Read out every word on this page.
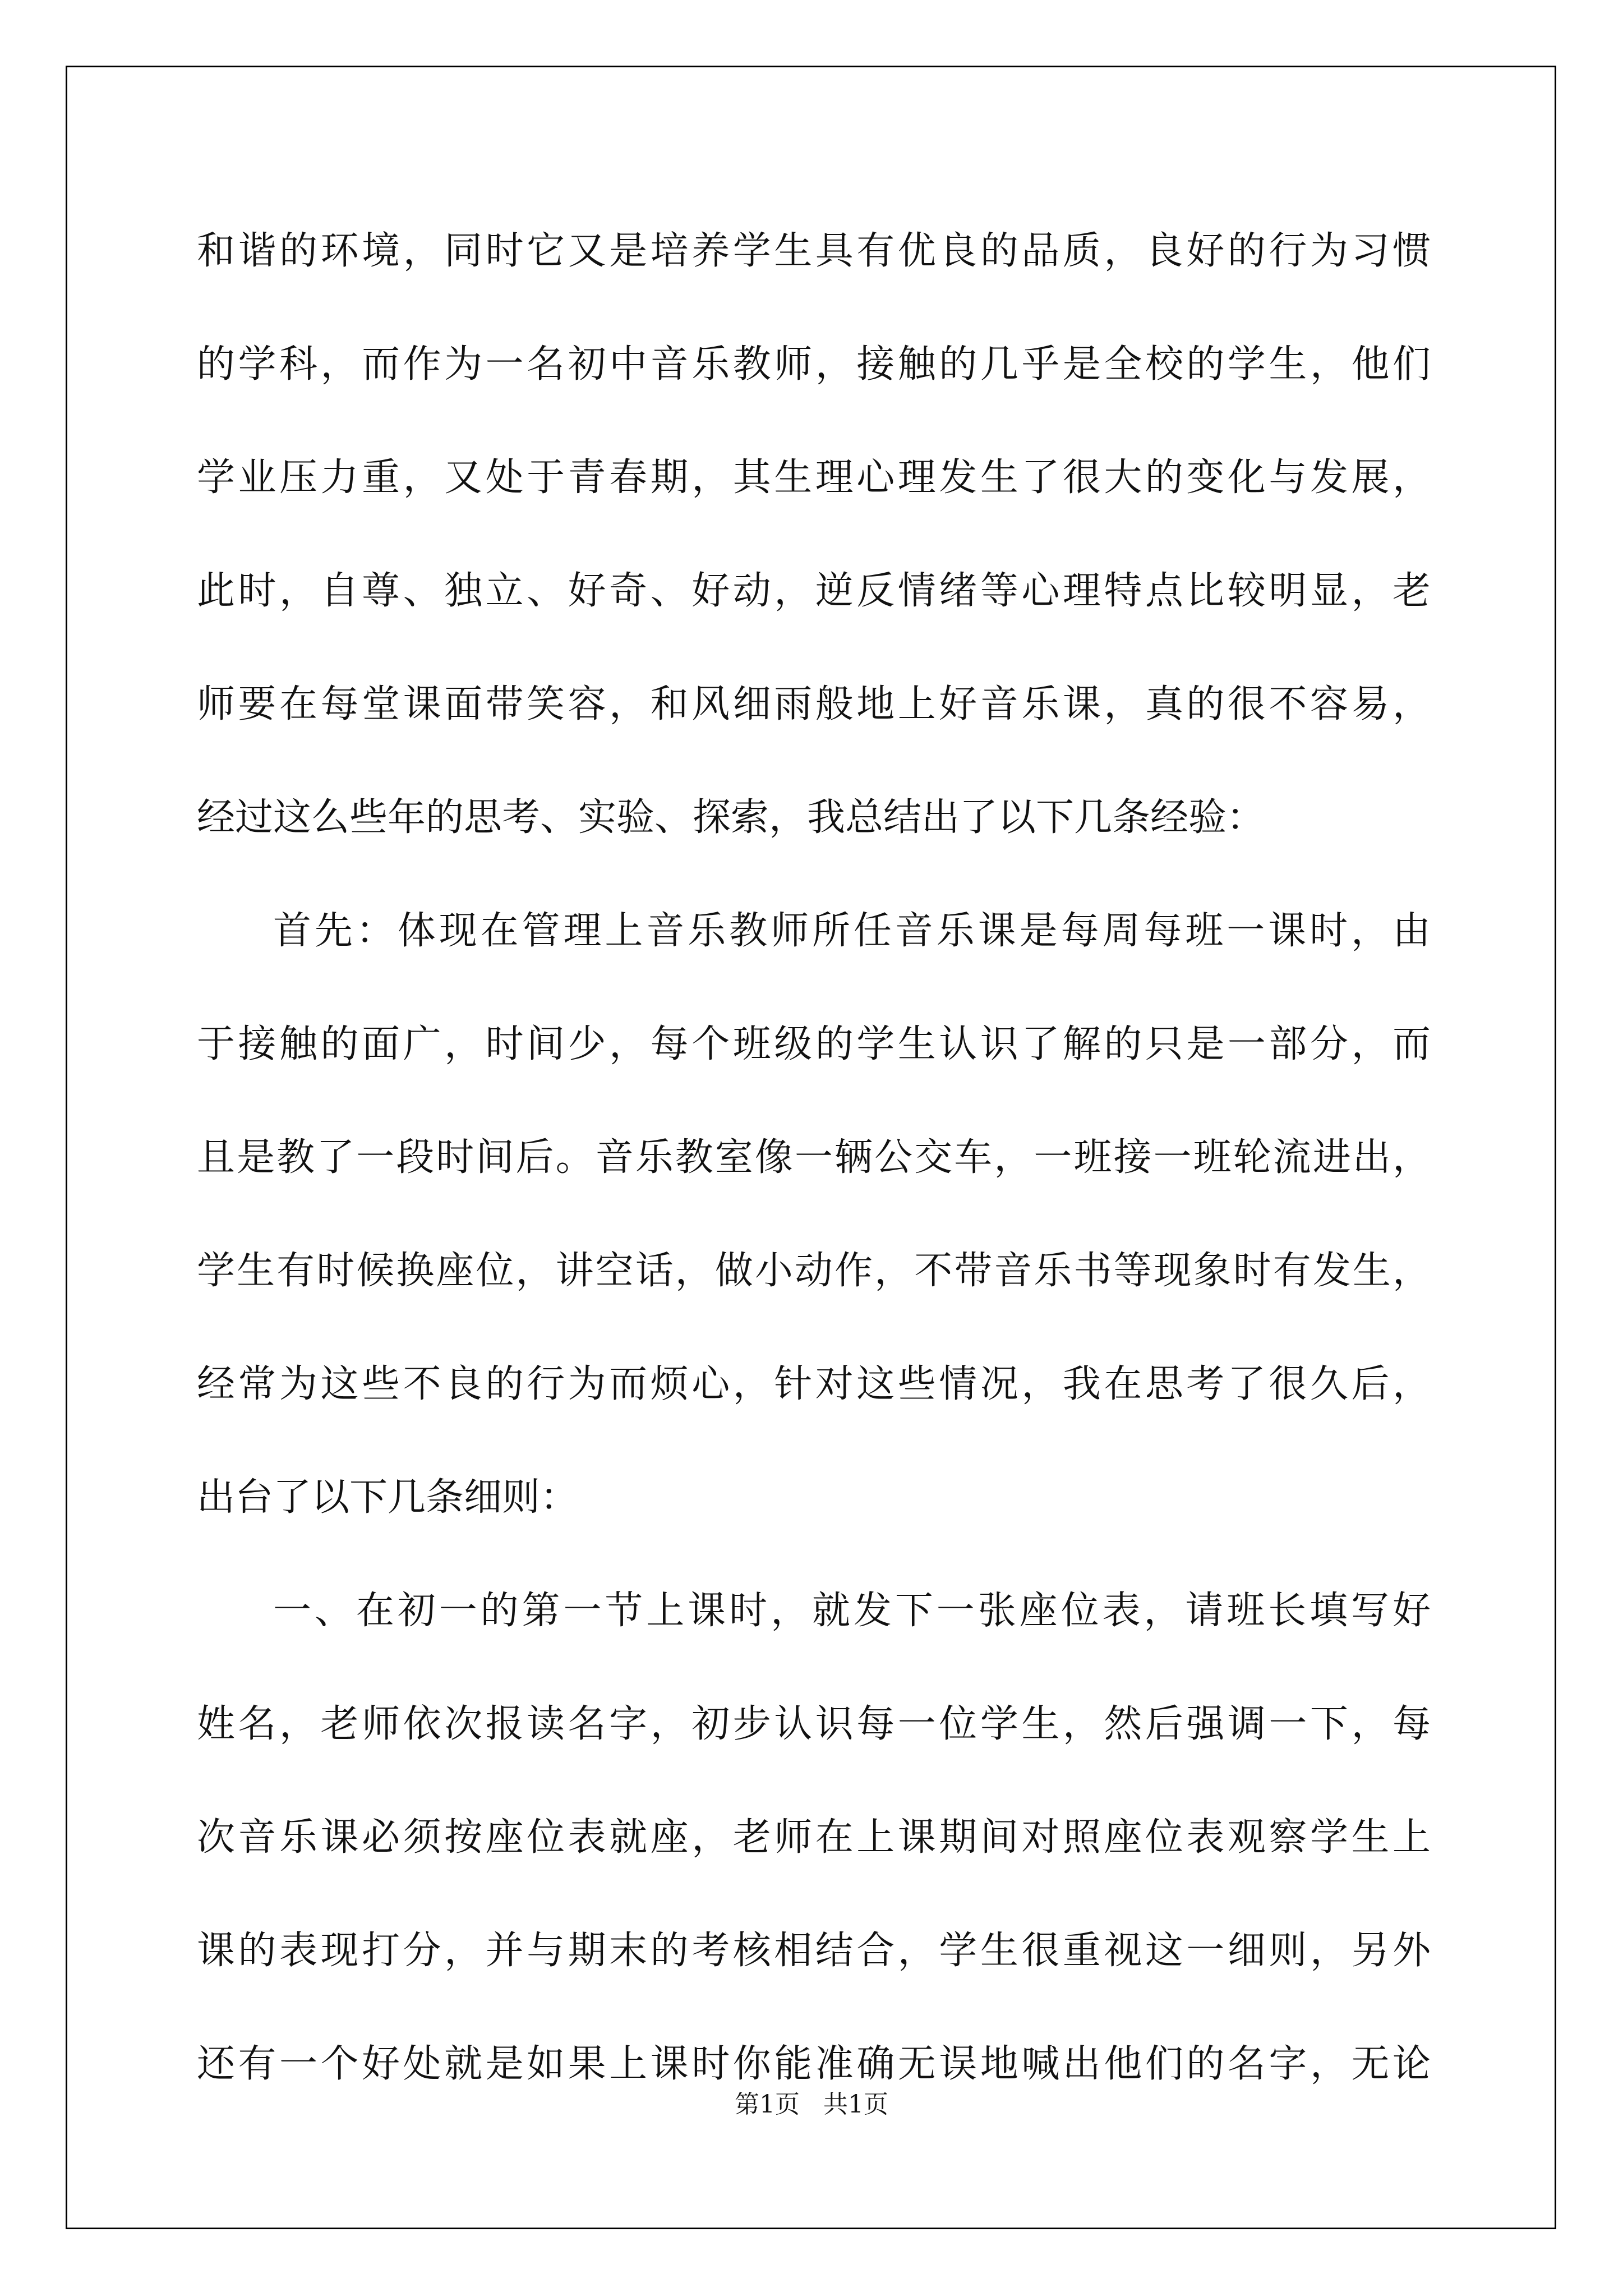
和谐的环境，同时它又是培养学生具有优良的品质，良好的行为习惯
的学科，而作为一名初中音乐教师，接触的几乎是全校的学生，他们
学业压力重，又处于青春期，其生理心理发生了很大的变化与发展，
此时，自尊、独立、好奇、好动，逆反情绪等心理特点比较明显，老
师要在每堂课面带笑容，和风细雨般地上好音乐课，真的很不容易，
经过这么些年的思考、实验、探索，我总结出了以下几条经验：
首先：体现在管理上音乐教师所任音乐课是每周每班一课时，由
于接触的面广，时间少，每个班级的学生认识了解的只是一部分，而
且是教了一段时间后。音乐教室像一辆公交车，一班接一班轮流进出，
学生有时候换座位，讲空话，做小动作，不带音乐书等现象时有发生，
经常为这些不良的行为而烦心，针对这些情况，我在思考了很久后，
出台了以下几条细则：
一、在初一的第一节上课时，就发下一张座位表，请班长填写好
姓名，老师依次报读名字，初步认识每一位学生，然后强调一下，每
次音乐课必须按座位表就座，老师在上课期间对照座位表观察学生上
课的表现打分，并与期末的考核相结合，学生很重视这一细则，另外
还有一个好处就是如果上课时你能准确无误地喊出他们的名字，无论
第1页   共1页
